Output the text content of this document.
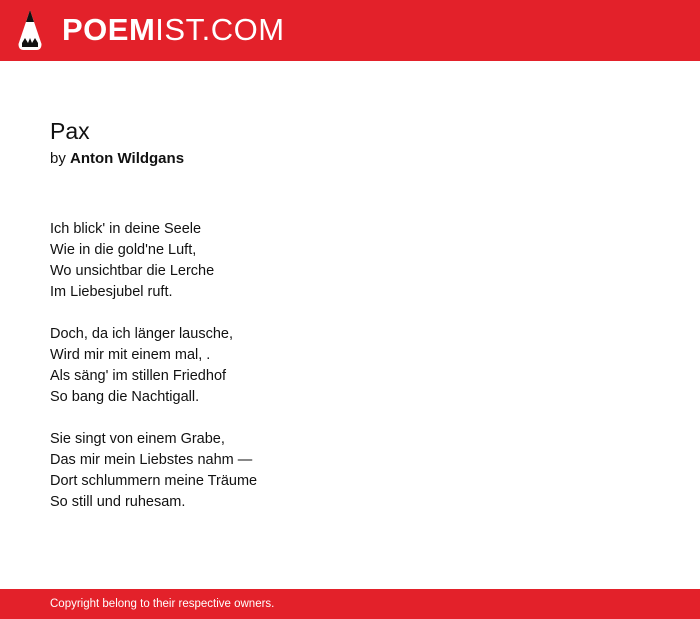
POEMIST.COM
Pax
by Anton Wildgans
Ich blick' in deine Seele
Wie in die gold'ne Luft,
Wo unsichtbar die Lerche
Im Liebesjubel ruft.
Doch, da ich länger lausche,
Wird mir mit einem mal, .
Als säng' im stillen Friedhof
So bang die Nachtigall.
Sie singt von einem Grabe,
Das mir mein Liebstes nahm —
Dort schlummern meine Träume
So still und ruhesam.
Copyright belong to their respective owners.
